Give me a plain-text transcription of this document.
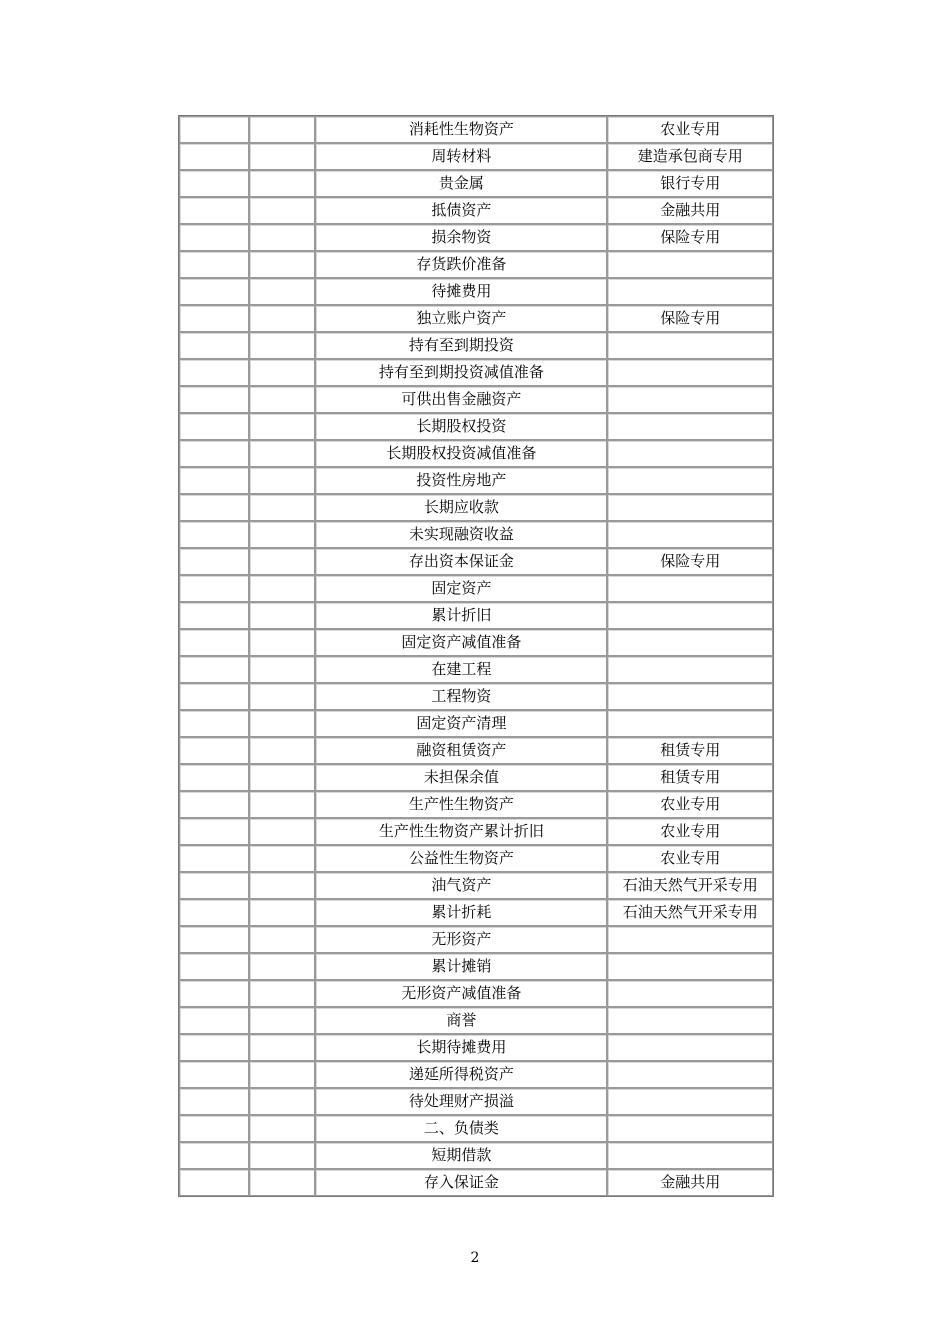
		消耗性生物资产	农业专用
		周转材料	建造承包商专用
		贵金属	银行专用
		抵债资产	金融共用
		损余物资	保险专用
		存货跌价准备	
		待摊费用	
		独立账户资产	保险专用
		持有至到期投资	
		持有至到期投资减值准备	
		可供出售金融资产	
		长期股权投资	
		长期股权投资减值准备	
		投资性房地产	
		长期应收款	
		未实现融资收益	
		存出资本保证金	保险专用
		固定资产	
		累计折旧	
		固定资产减值准备	
		在建工程	
		工程物资	
		固定资产清理	
		融资租赁资产	租赁专用
		未担保余值	租赁专用
		生产性生物资产	农业专用
		生产性生物资产累计折旧	农业专用
		公益性生物资产	农业专用
		油气资产	石油天然气开采专用
		累计折耗	石油天然气开采专用
		无形资产	
		累计摊销	
		无形资产减值准备	
		商誉	
		长期待摊费用	
		递延所得税资产	
		待处理财产损溢	
		二、负债类	
		短期借款	
		存入保证金	金融共用
2
